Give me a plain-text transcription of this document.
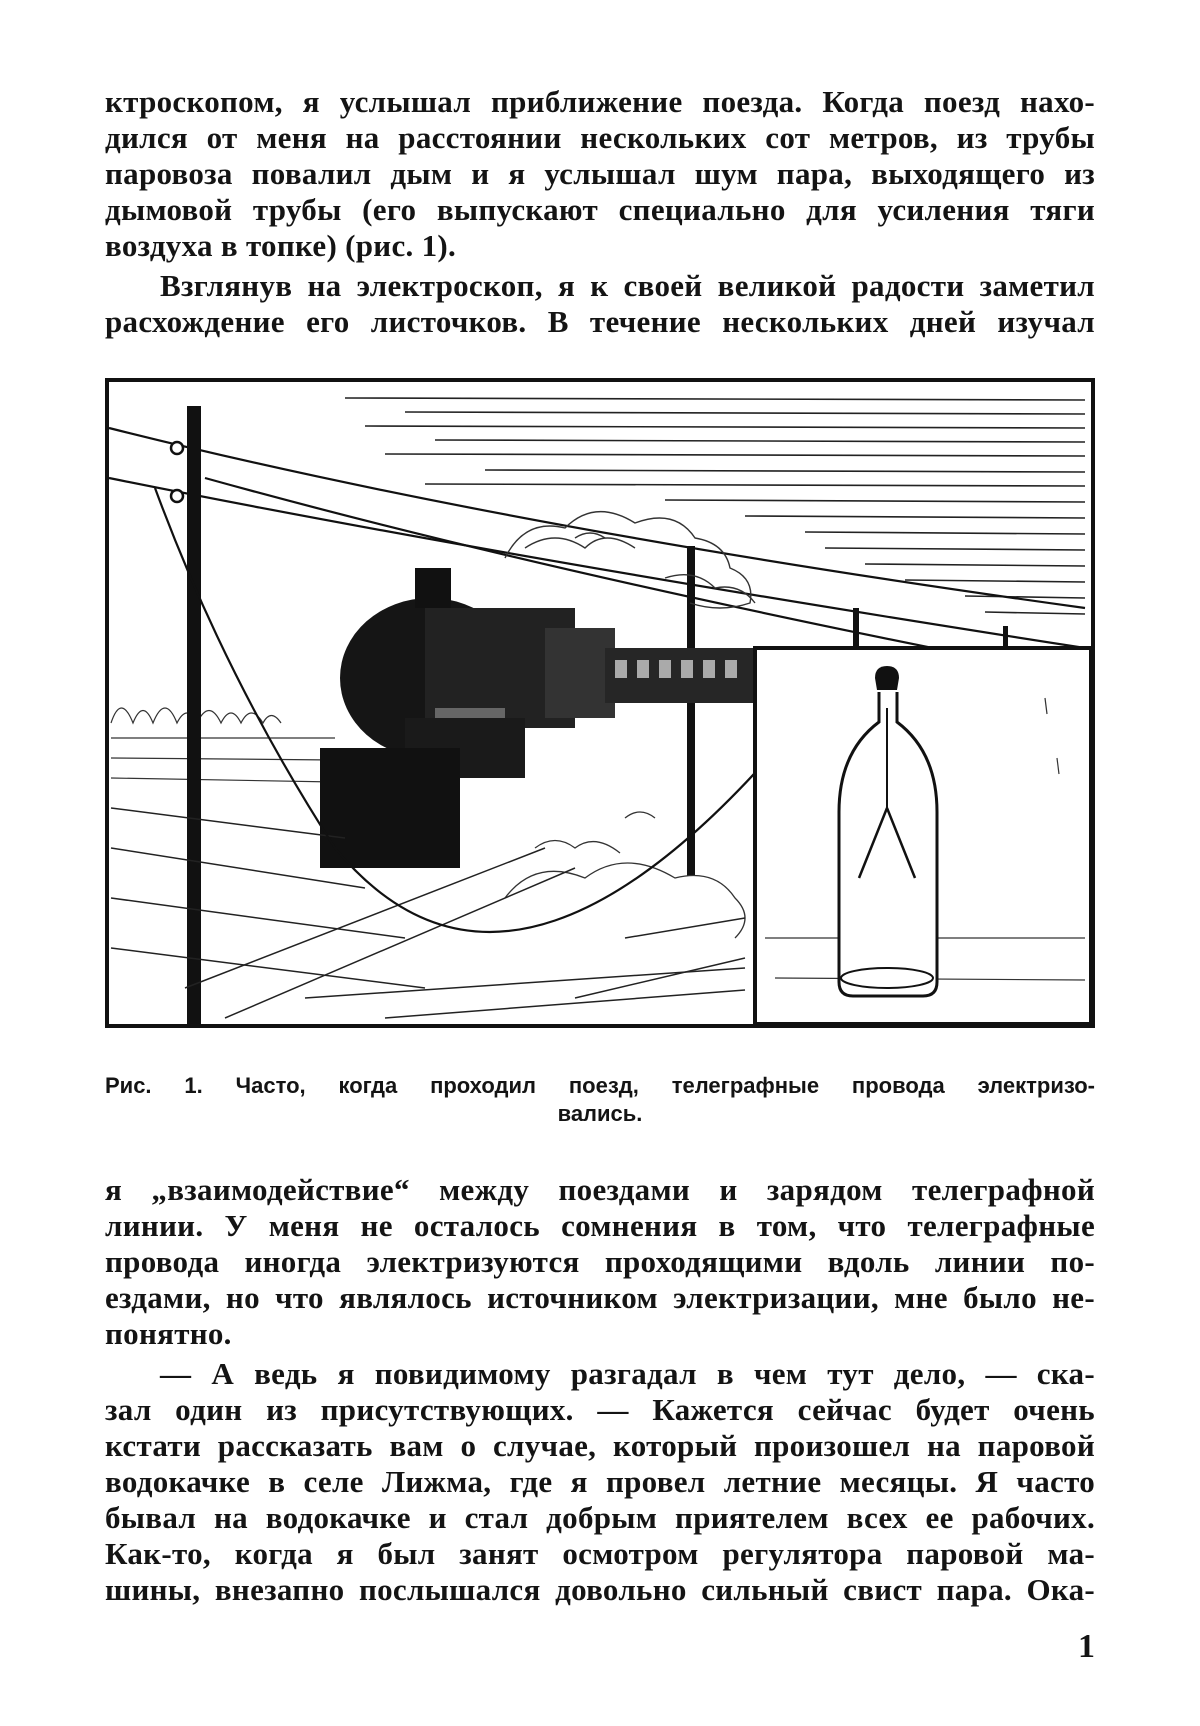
ктроскопом, я услышал приближение поезда. Когда поезд нахо-
дился от меня на расстоянии нескольких сот метров, из трубы
паровоза повалил дым и я услышал шум пара, выходящего из
дымовой трубы (его выпускают специально для усиления тяги
воздуха в топке) (рис. 1).
Взглянув на электроскоп, я к своей великой радости заметил
расхождение его листочков. В течение нескольких дней изучал
Рис. 1. Часто, когда проходил поезд, телеграфные провода электризо-
вались.
я „взаимодействие“ между поездами и зарядом телеграфной
линии. У меня не осталось сомнения в том, что телеграфные
провода иногда электризуются проходящими вдоль линии по-
ездами, но что являлось источником электризации, мне было не-
понятно.
— А ведь я повидимому разгадал в чем тут дело, — ска-
зал один из присутствующих. — Кажется сейчас будет очень
кстати рассказать вам о случае, который произошел на паровой
водокачке в селе Лижма, где я провел летние месяцы. Я часто
бывал на водокачке и стал добрым приятелем всех ее рабочих.
Как-то, когда я был занят осмотром регулятора паровой ма-
шины, внезапно послышался довольно сильный свист пара. Ока-
1
